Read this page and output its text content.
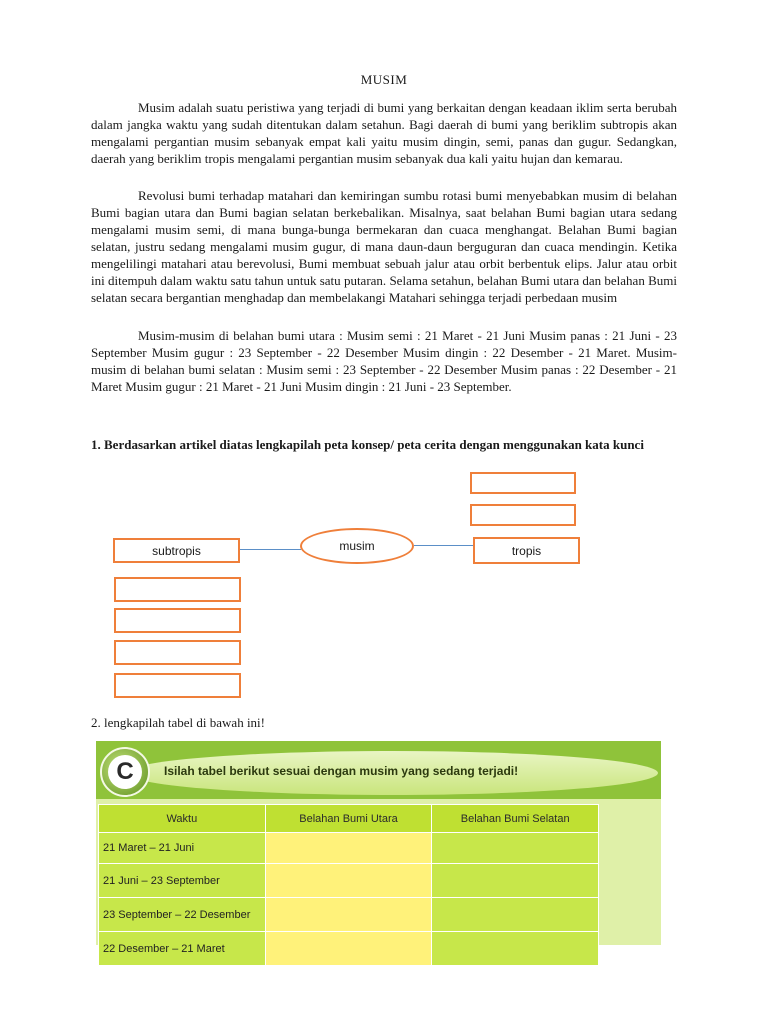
MUSIM

Musim adalah suatu peristiwa yang terjadi di bumi yang berkaitan dengan keadaan iklim serta berubah dalam jangka waktu yang sudah ditentukan dalam setahun. Bagi daerah di bumi yang beriklim subtropis akan mengalami pergantian musim sebanyak empat kali yaitu musim dingin, semi, panas dan gugur. Sedangkan, daerah yang beriklim tropis mengalami pergantian musim sebanyak dua kali yaitu hujan dan kemarau.

Revolusi bumi terhadap matahari dan kemiringan sumbu rotasi bumi menyebabkan musim di belahan Bumi bagian utara dan Bumi bagian selatan berkebalikan. Misalnya, saat belahan Bumi bagian utara sedang mengalami musim semi, di mana bunga-bunga bermekaran dan cuaca menghangat. Belahan Bumi bagian selatan, justru sedang mengalami musim gugur, di mana daun-daun berguguran dan cuaca mendingin. Ketika mengelilingi matahari atau berevolusi, Bumi membuat sebuah jalur atau orbit berbentuk elips. Jalur atau orbit ini ditempuh dalam waktu satu tahun untuk satu putaran. Selama setahun, belahan Bumi utara dan belahan Bumi selatan secara bergantian menghadap dan membelakangi Matahari sehingga terjadi perbedaan musim

Musim-musim di belahan bumi utara : Musim semi : 21 Maret - 21 Juni Musim panas : 21 Juni - 23 September Musim gugur : 23 September - 22 Desember Musim dingin : 22 Desember - 21 Maret. Musim-musim di belahan bumi selatan : Musim semi : 23 September - 22 Desember Musim panas : 22 Desember - 21 Maret Musim gugur : 21 Maret - 21 Juni Musim dingin : 21 Juni - 23 September.

1. Berdasarkan artikel diatas lengkapilah peta konsep/ peta cerita dengan menggunakan kata kunci

musim
subtropis	tropis

2. lengkapilah tabel di bawah ini!

C	Isilah tabel berikut sesuai dengan musim yang sedang terjadi!
Waktu	Belahan Bumi Utara	Belahan Bumi Selatan
21 Maret – 21 Juni		
21 Juni – 23 September		
23 September – 22 Desember		
22 Desember – 21 Maret		
